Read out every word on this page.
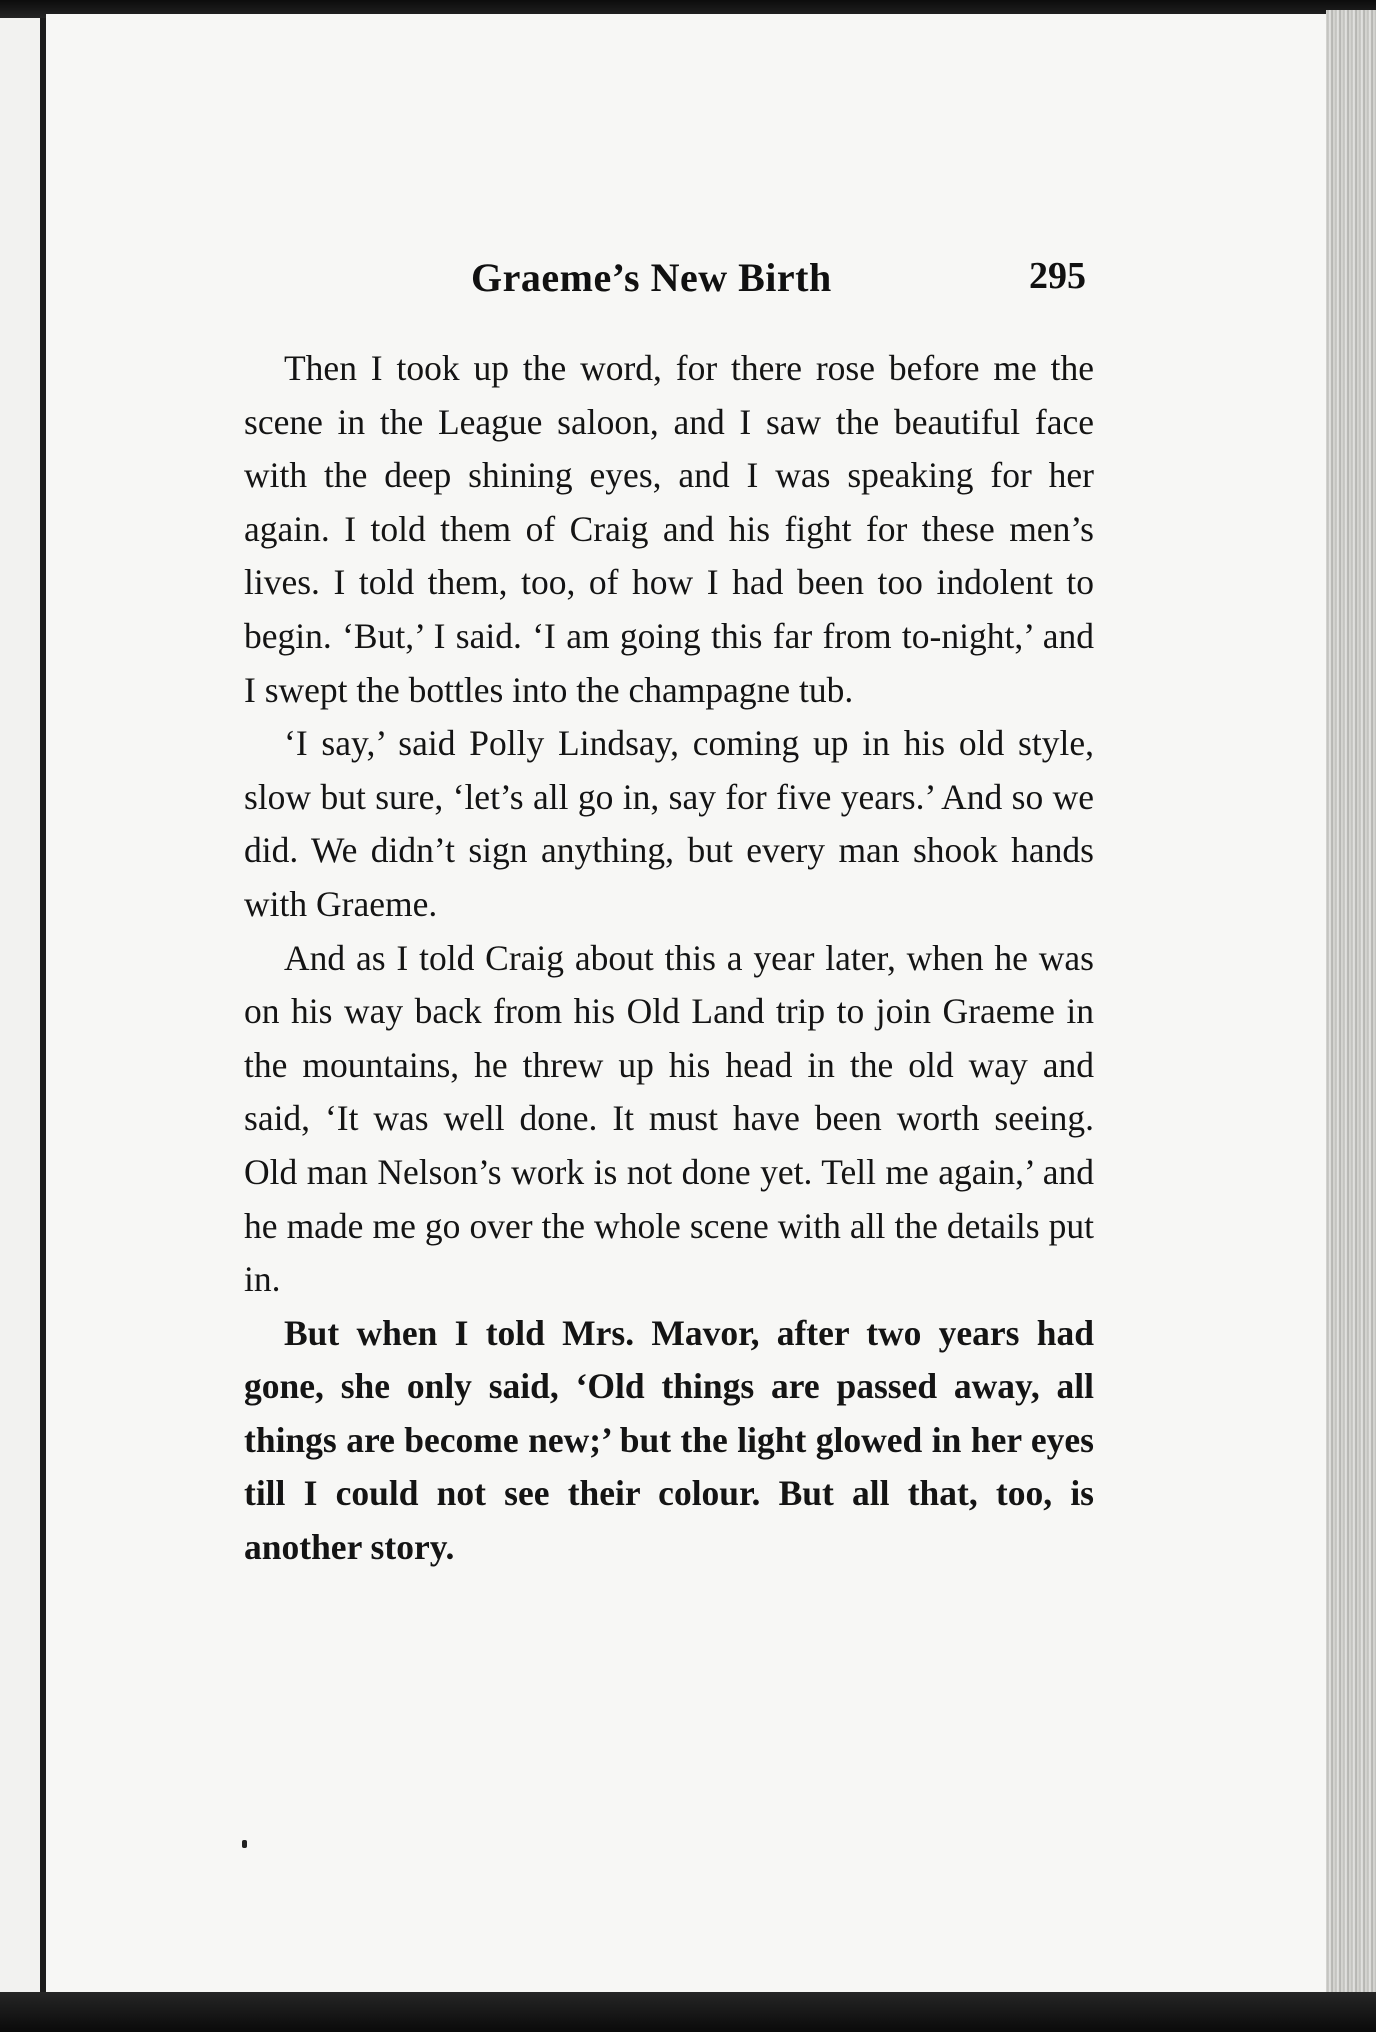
Graeme’s New Birth	295

Then I took up the word, for there rose before me the scene in the League saloon, and I saw the beautiful face with the deep shining eyes, and I was speaking for her again. I told them of Craig and his fight for these men’s lives. I told them, too, of how I had been too indolent to begin. ‘But,’ I said. ‘I am going this far from to-night,’ and I swept the bottles into the champagne tub.

‘I say,’ said Polly Lindsay, coming up in his old style, slow but sure, ‘let’s all go in, say for five years.’ And so we did. We didn’t sign anything, but every man shook hands with Graeme.

And as I told Craig about this a year later, when he was on his way back from his Old Land trip to join Graeme in the mountains, he threw up his head in the old way and said, ‘It was well done. It must have been worth seeing. Old man Nelson’s work is not done yet. Tell me again,’ and he made me go over the whole scene with all the details put in.

But when I told Mrs. Mavor, after two years had gone, she only said, ‘Old things are passed away, all things are become new;’ but the light glowed in her eyes till I could not see their colour. But all that, too, is another story.
